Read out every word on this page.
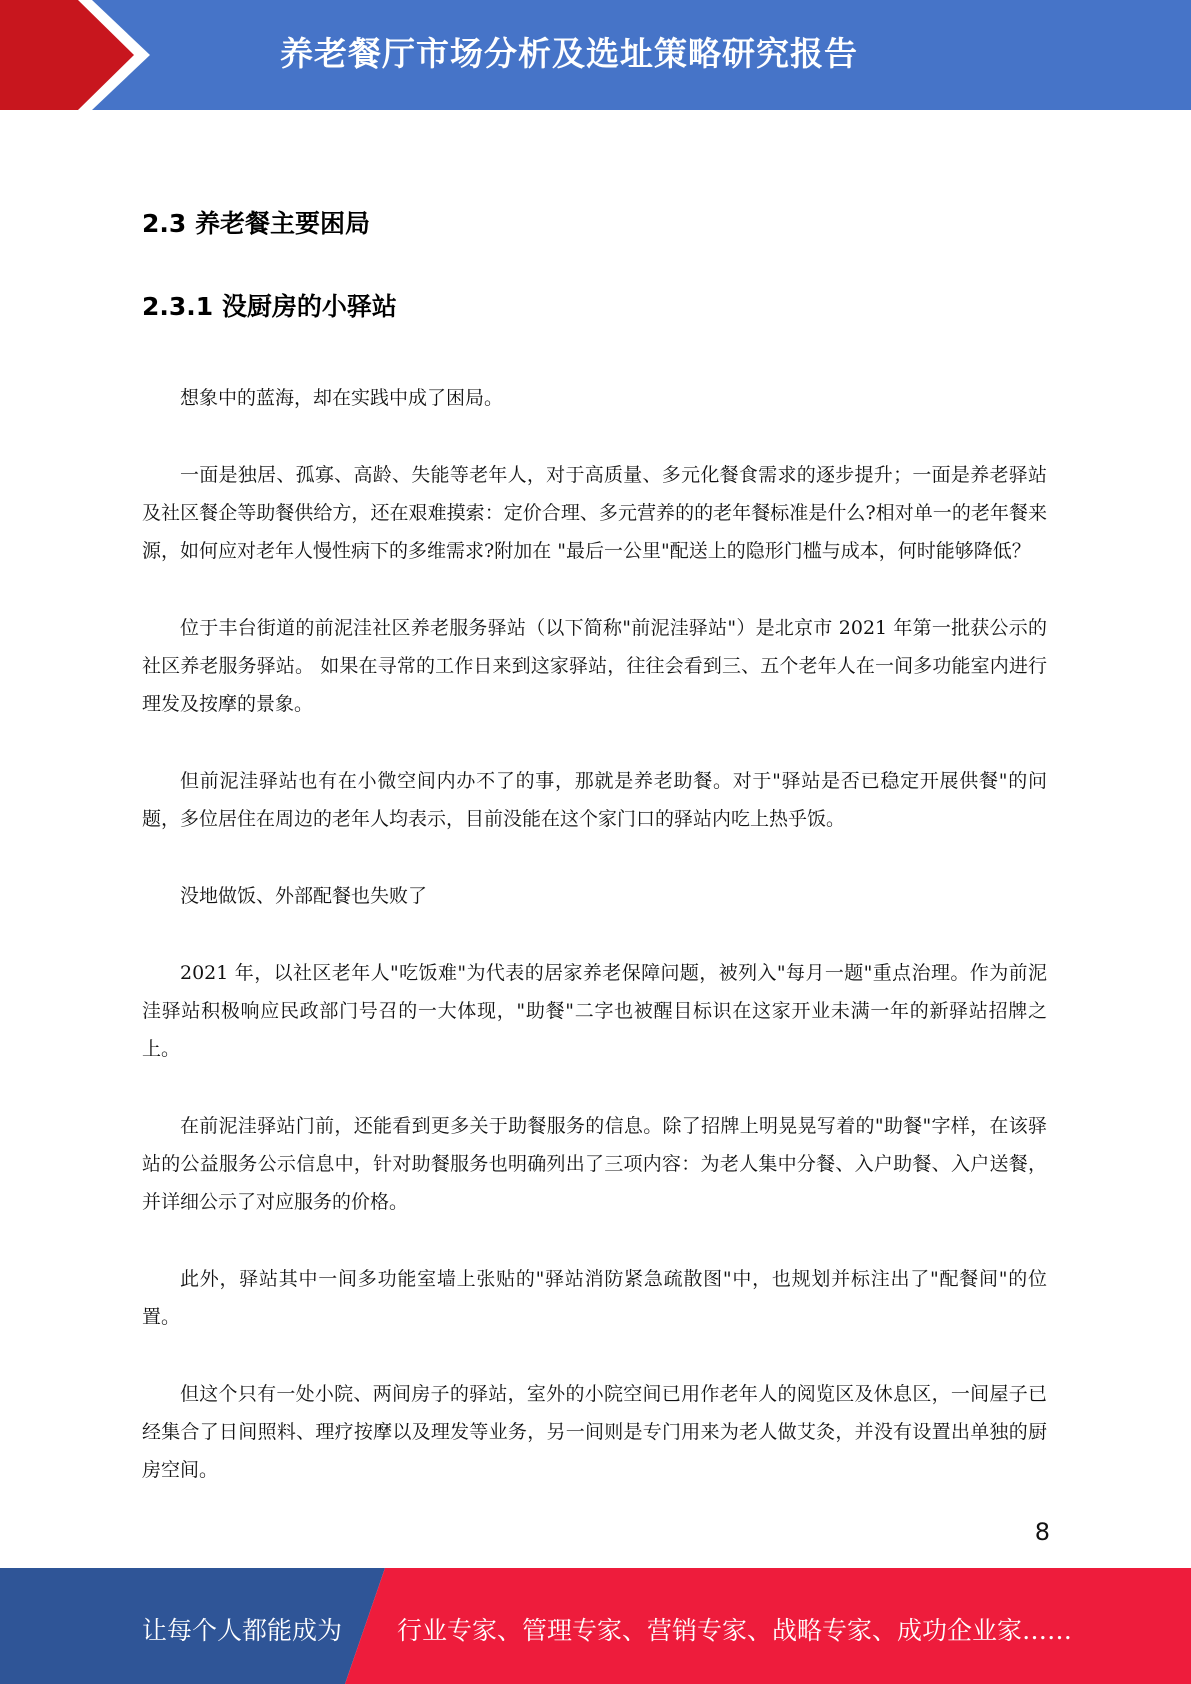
养老餐厅市场分析及选址策略研究报告
2.3 养老餐主要困局
2.3.1 没厨房的小驿站

想象中的蓝海，却在实践中成了困局。

一面是独居、孤寡、高龄、失能等老年人，对于高质量、多元化餐食需求的逐步提升；一面是养老驿站及社区餐企等助餐供给方，还在艰难摸索：定价合理、多元营养的的老年餐标准是什么?相对单一的老年餐来源，如何应对老年人慢性病下的多维需求?附加在 "最后一公里"配送上的隐形门槛与成本，何时能够降低？

位于丰台街道的前泥洼社区养老服务驿站（以下简称"前泥洼驿站"）是北京市 2021 年第一批获公示的社区养老服务驿站。 如果在寻常的工作日来到这家驿站，往往会看到三、五个老年人在一间多功能室内进行理发及按摩的景象。

但前泥洼驿站也有在小微空间内办不了的事，那就是养老助餐。对于"驿站是否已稳定开展供餐"的问题，多位居住在周边的老年人均表示，目前没能在这个家门口的驿站内吃上热乎饭。

没地做饭、外部配餐也失败了

2021 年，以社区老年人"吃饭难"为代表的居家养老保障问题，被列入"每月一题"重点治理。作为前泥洼驿站积极响应民政部门号召的一大体现，"助餐"二字也被醒目标识在这家开业未满一年的新驿站招牌之上。

在前泥洼驿站门前，还能看到更多关于助餐服务的信息。除了招牌上明晃晃写着的"助餐"字样，在该驿站的公益服务公示信息中，针对助餐服务也明确列出了三项内容：为老人集中分餐、入户助餐、入户送餐，并详细公示了对应服务的价格。

此外，驿站其中一间多功能室墙上张贴的"驿站消防紧急疏散图"中，也规划并标注出了"配餐间"的位置。

但这个只有一处小院、两间房子的驿站，室外的小院空间已用作老年人的阅览区及休息区，一间屋子已经集合了日间照料、理疗按摩以及理发等业务，另一间则是专门用来为老人做艾灸，并没有设置出单独的厨房空间。

8
让每个人都能成为 行业专家、管理专家、营销专家、战略专家、成功企业家……
